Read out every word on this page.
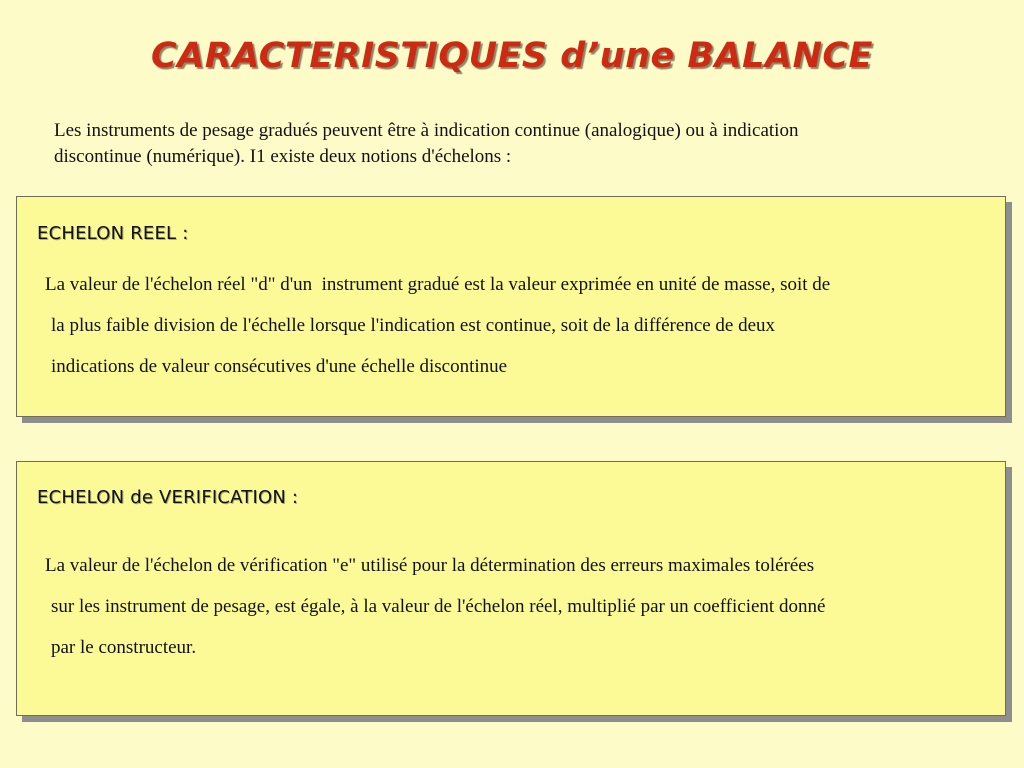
CARACTERISTIQUES d’une BALANCE
Les instruments de pesage gradués peuvent être à indication continue (analogique) ou à indication
discontinue (numérique). I1 existe deux notions d'échelons :
ECHELON REEL :
La valeur de l'échelon réel "d" d'un  instrument gradué est la valeur exprimée en unité de masse, soit de
la plus faible division de l'échelle lorsque l'indication est continue, soit de la différence de deux
indications de valeur consécutives d'une échelle discontinue
ECHELON de VERIFICATION :
La valeur de l'échelon de vérification "e" utilisé pour la détermination des erreurs maximales tolérées
sur les instrument de pesage, est égale, à la valeur de l'échelon réel, multiplié par un coefficient donné
par le constructeur.
